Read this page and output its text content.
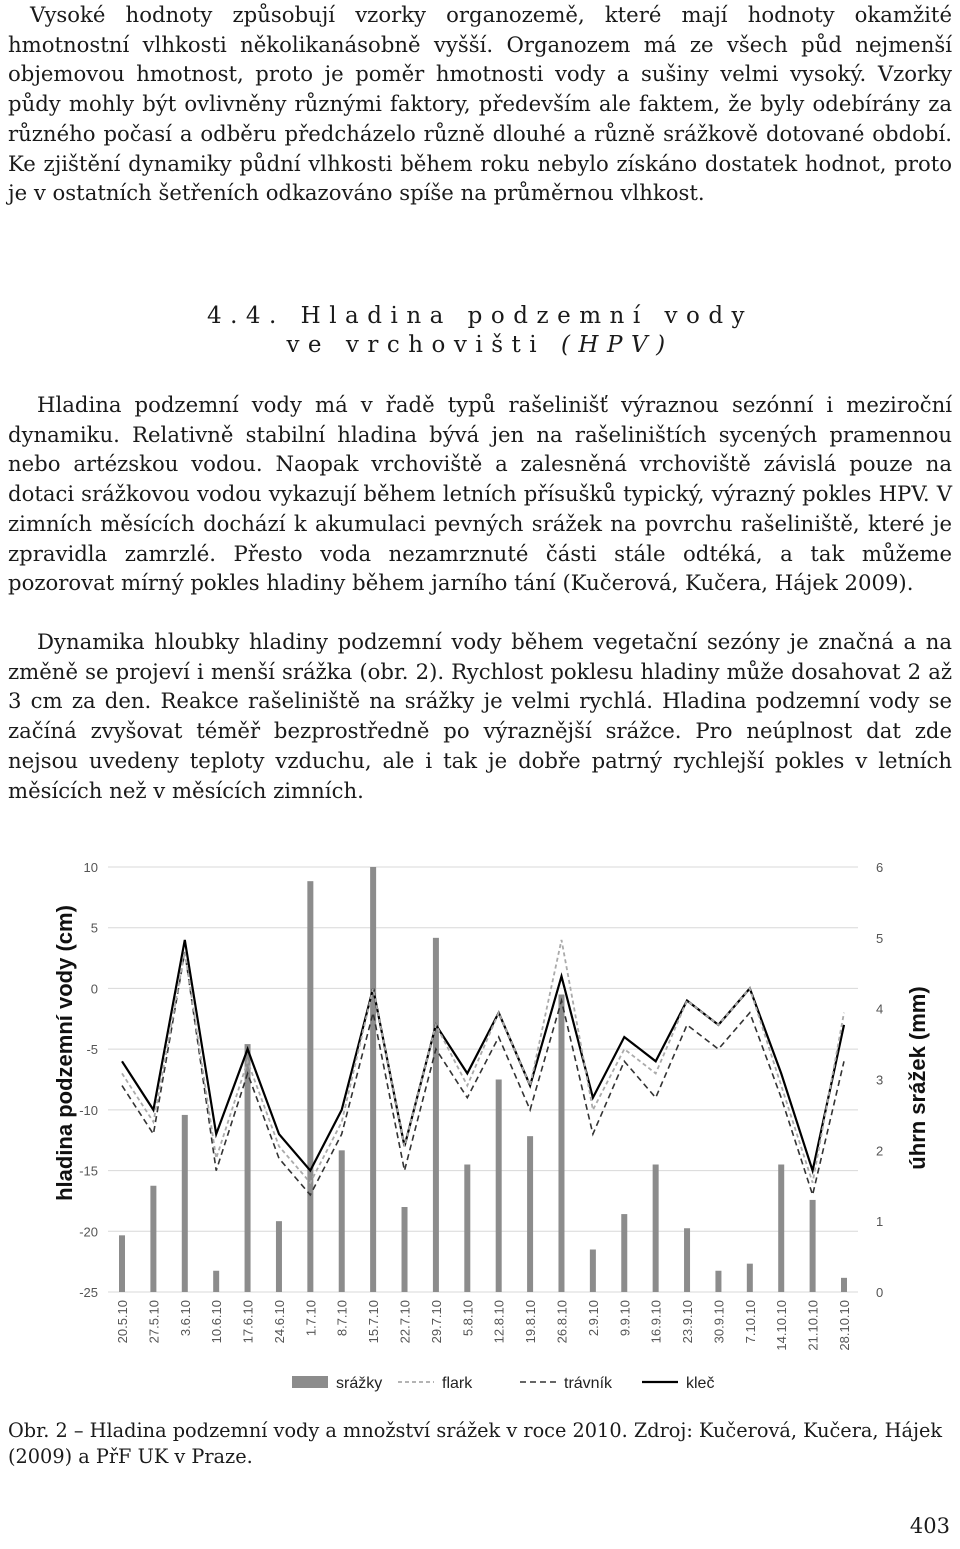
Vysoké hodnoty způsobují vzorky organozemě, které mají hodnoty okamžité hmotnostní vlhkosti několikanásobně vyšší. Organozem má ze všech půd nejmenší objemovou hmotnost, proto je poměr hmotnosti vody a sušiny velmi vysoký. Vzorky půdy mohly být ovlivněny různými faktory, především ale faktem, že byly odebírány za různého počasí a odběru předcházelo různě dlouhé a různě srážkově dotované období. Ke zjištění dynamiky půdní vlhkosti během roku nebylo získáno dostatek hodnot, proto je v ostatních šetřeních odkazováno spíše na průměrnou vlhkost.

4.4. Hladina podzemní vody

ve vrchovišti (HPV)

Hladina podzemní vody má v řadě typů rašelinišť výraznou sezónní i meziroční dynamiku. Relativně stabilní hladina bývá jen na rašeliništích sycených pramennou nebo artézskou vodou. Naopak vrchoviště a zalesněná vrchoviště závislá pouze na dotaci srážkovou vodou vykazují během letních přísušků typický, výrazný pokles HPV. V zimních měsících dochází k akumulaci pevných srážek na povrchu rašeliniště, které je zpravidla zamrzlé. Přesto voda nezamrznuté části stále odtéká, a tak můžeme pozorovat mírný pokles hladiny během jarního tání (Kučerová, Kučera, Hájek 2009).

Dynamika hloubky hladiny podzemní vody během vegetační sezóny je značná a na změně se projeví i menší srážka (obr. 2). Rychlost poklesu hladiny může dosahovat 2 až 3 cm za den. Reakce rašeliniště na srážky je velmi rychlá. Hladina podzemní vody se začíná zvyšovat téměř bezprostředně po výraznější srážce. Pro neúplnost dat zde nejsou uvedeny teploty vzduchu, ale i tak je dobře patrný rychlejší pokles v letních měsících než v měsících zimních.

10
5
0
-5
-10
-15
-20
-25
6
5
4
3
2
1
0
20.5.10 27.5.10 3.6.10 10.6.10 17.6.10 24.6.10 1.7.10 8.7.10 15.7.10 22.7.10 29.7.10 5.8.10 12.8.10 19.8.10 26.8.10 2.9.10 9.9.10 16.9.10 23.9.10 30.9.10 7.10.10 14.10.10 21.10.10 28.10.10
hladina podzemní vody (cm)	úhrn srážek (mm)
srážky	flark	trávník	kleč

Obr. 2 – Hladina podzemní vody a množství srážek v roce 2010. Zdroj: Kučerová, Kučera, Hájek (2009) a PřF UK v Praze.

403
